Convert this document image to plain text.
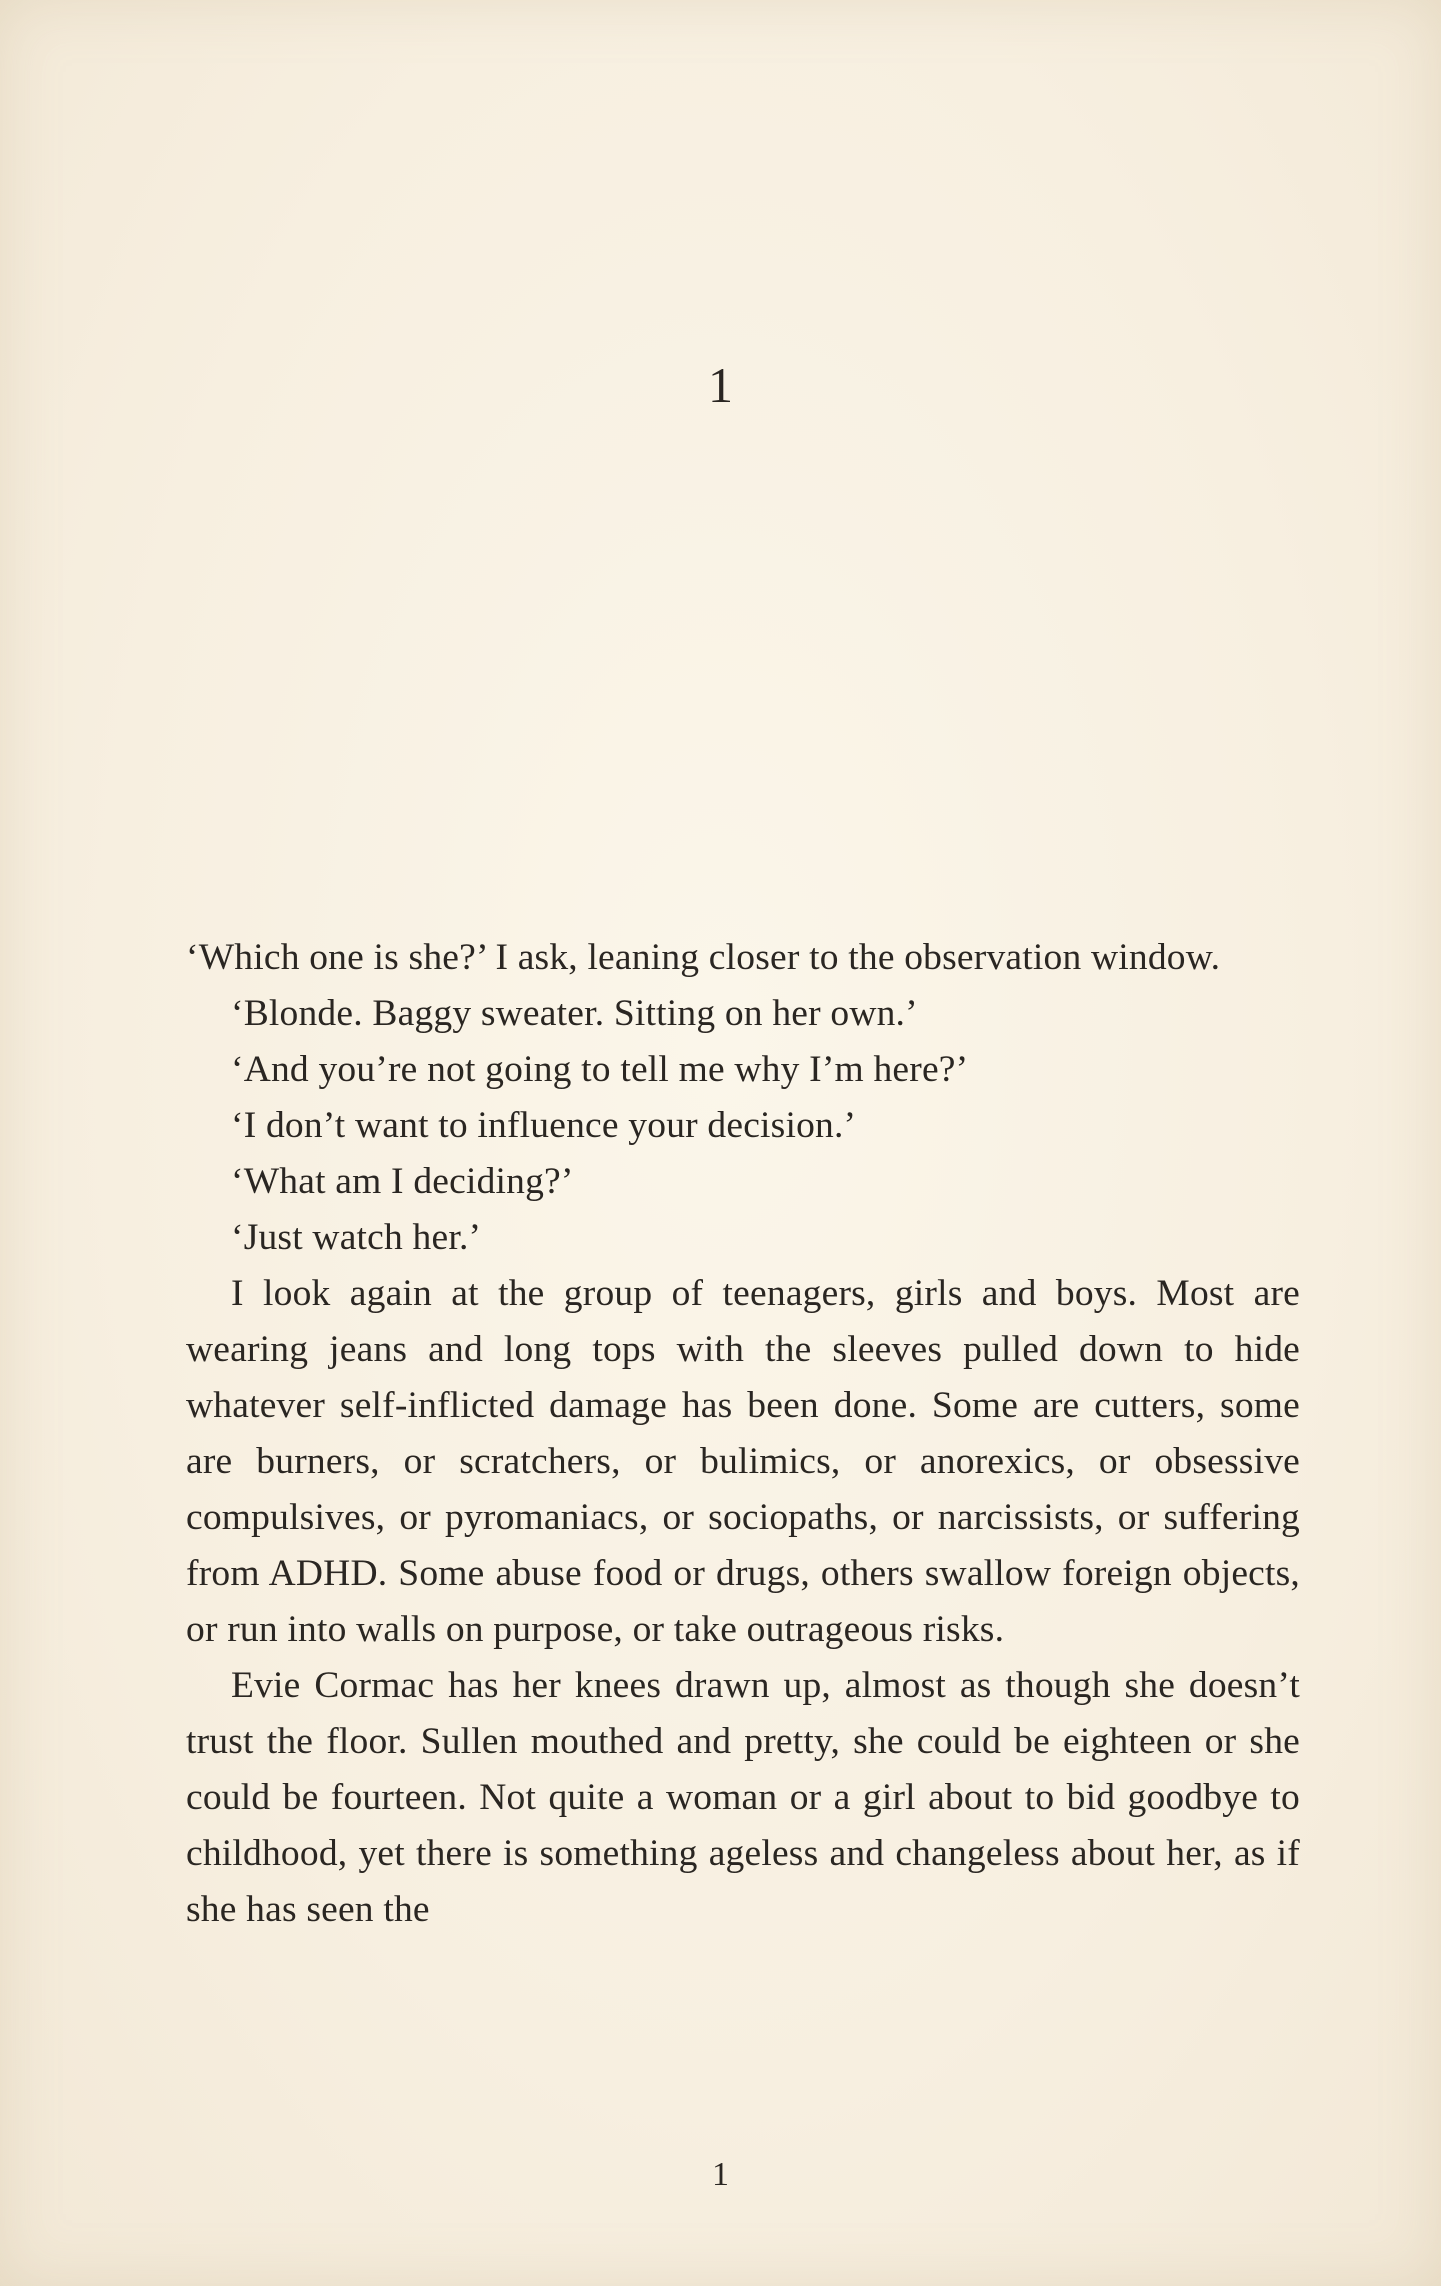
1

‘Which one is she?’ I ask, leaning closer to the observation window.

‘Blonde. Baggy sweater. Sitting on her own.’

‘And you’re not going to tell me why I’m here?’

‘I don’t want to influence your decision.’

‘What am I deciding?’

‘Just watch her.’

I look again at the group of teenagers, girls and boys. Most are wearing jeans and long tops with the sleeves pulled down to hide whatever self-inflicted damage has been done. Some are cutters, some are burners, or scratchers, or bulimics, or anorexics, or obsessive compulsives, or pyromaniacs, or sociopaths, or narcissists, or suffering from ADHD. Some abuse food or drugs, others swallow foreign objects, or run into walls on purpose, or take outrageous risks.

Evie Cormac has her knees drawn up, almost as though she doesn’t trust the floor. Sullen mouthed and pretty, she could be eighteen or she could be fourteen. Not quite a woman or a girl about to bid goodbye to childhood, yet there is something ageless and changeless about her, as if she has seen the

1
